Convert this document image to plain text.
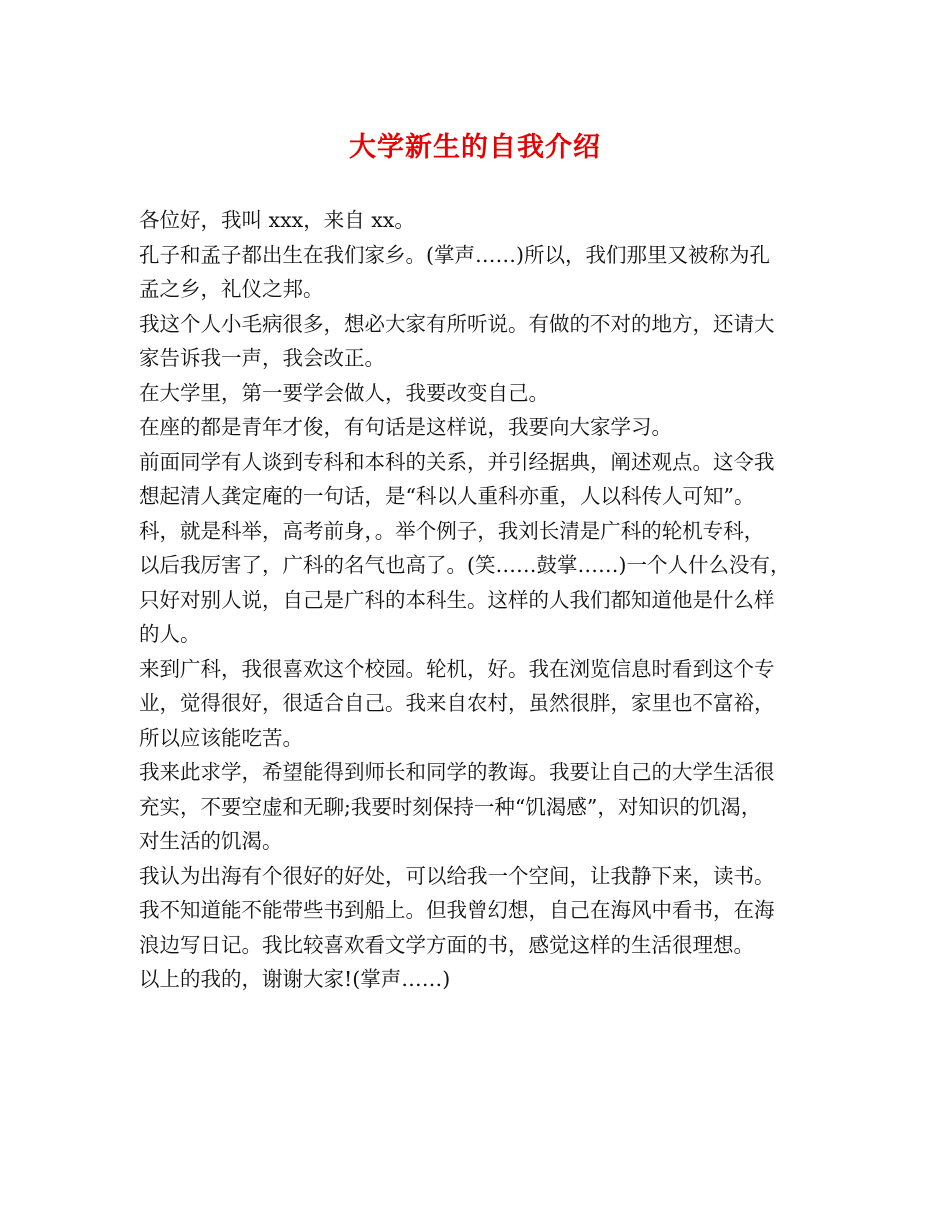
大学新生的自我介绍
各位好，我叫 xxx，来自 xx。
孔子和孟子都出生在我们家乡。(掌声……)所以，我们那里又被称为孔
孟之乡，礼仪之邦。
我这个人小毛病很多，想必大家有所听说。有做的不对的地方，还请大
家告诉我一声，我会改正。
在大学里，第一要学会做人，我要改变自己。
在座的都是青年才俊，有句话是这样说，我要向大家学习。
前面同学有人谈到专科和本科的关系，并引经据典，阐述观点。这令我
想起清人龚定庵的一句话，是“科以人重科亦重，人以科传人可知”。
科，就是科举，高考前身，。举个例子，我刘长清是广科的轮机专科，
以后我厉害了，广科的名气也高了。(笑……鼓掌……)一个人什么没有，
只好对别人说，自己是广科的本科生。这样的人我们都知道他是什么样
的人。
来到广科，我很喜欢这个校园。轮机，好。我在浏览信息时看到这个专
业，觉得很好，很适合自己。我来自农村，虽然很胖，家里也不富裕，
所以应该能吃苦。
我来此求学，希望能得到师长和同学的教诲。我要让自己的大学生活很
充实，不要空虚和无聊;我要时刻保持一种“饥渴感”，对知识的饥渴，
对生活的饥渴。
我认为出海有个很好的好处，可以给我一个空间，让我静下来，读书。
我不知道能不能带些书到船上。但我曾幻想，自己在海风中看书，在海
浪边写日记。我比较喜欢看文学方面的书，感觉这样的生活很理想。
以上的我的，谢谢大家!(掌声……)
